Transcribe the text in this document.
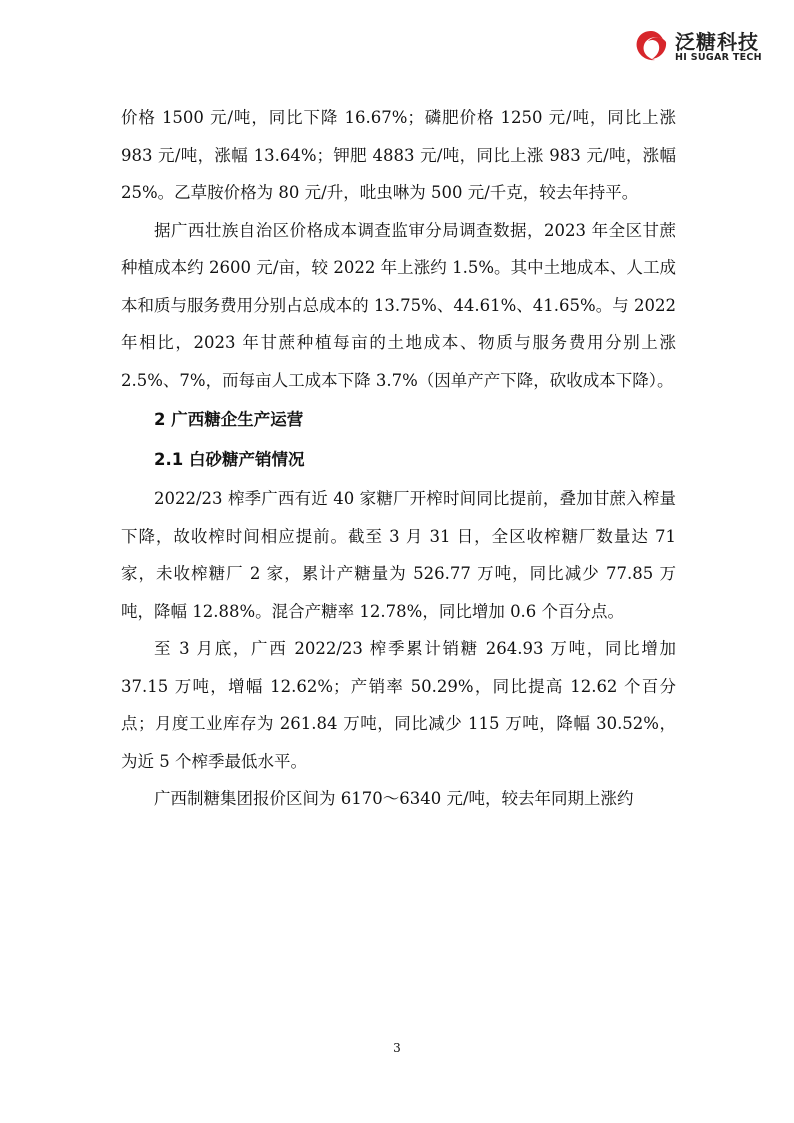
泛糖科技
HI SUGAR TECH

价格 1500 元/吨，同比下降 16.67%；磷肥价格 1250 元/吨，同比上涨 983 元/吨，涨幅 13.64%；钾肥 4883 元/吨，同比上涨 983 元/吨，涨幅 25%。乙草胺价格为 80 元/升，吡虫啉为 500 元/千克，较去年持平。

据广西壮族自治区价格成本调查监审分局调查数据，2023 年全区甘蔗种植成本约 2600 元/亩，较 2022 年上涨约 1.5%。其中土地成本、人工成本和质与服务费用分别占总成本的 13.75%、44.61%、41.65%。与 2022 年相比，2023 年甘蔗种植每亩的土地成本、物质与服务费用分别上涨 2.5%、7%，而每亩人工成本下降 3.7%（因单产产下降，砍收成本下降）。

2 广西糖企生产运营
2.1 白砂糖产销情况

2022/23 榨季广西有近 40 家糖厂开榨时间同比提前，叠加甘蔗入榨量下降，故收榨时间相应提前。截至 3 月 31 日，全区收榨糖厂数量达 71 家，未收榨糖厂 2 家，累计产糖量为 526.77 万吨，同比减少 77.85 万吨，降幅 12.88%。混合产糖率 12.78%，同比增加 0.6 个百分点。

至 3 月底，广西 2022/23 榨季累计销糖 264.93 万吨，同比增加 37.15 万吨，增幅 12.62%；产销率 50.29%，同比提高 12.62 个百分点；月度工业库存为 261.84 万吨，同比减少 115 万吨，降幅 30.52%，为近 5 个榨季最低水平。

广西制糖集团报价区间为 6170～6340 元/吨，较去年同期上涨约

3
